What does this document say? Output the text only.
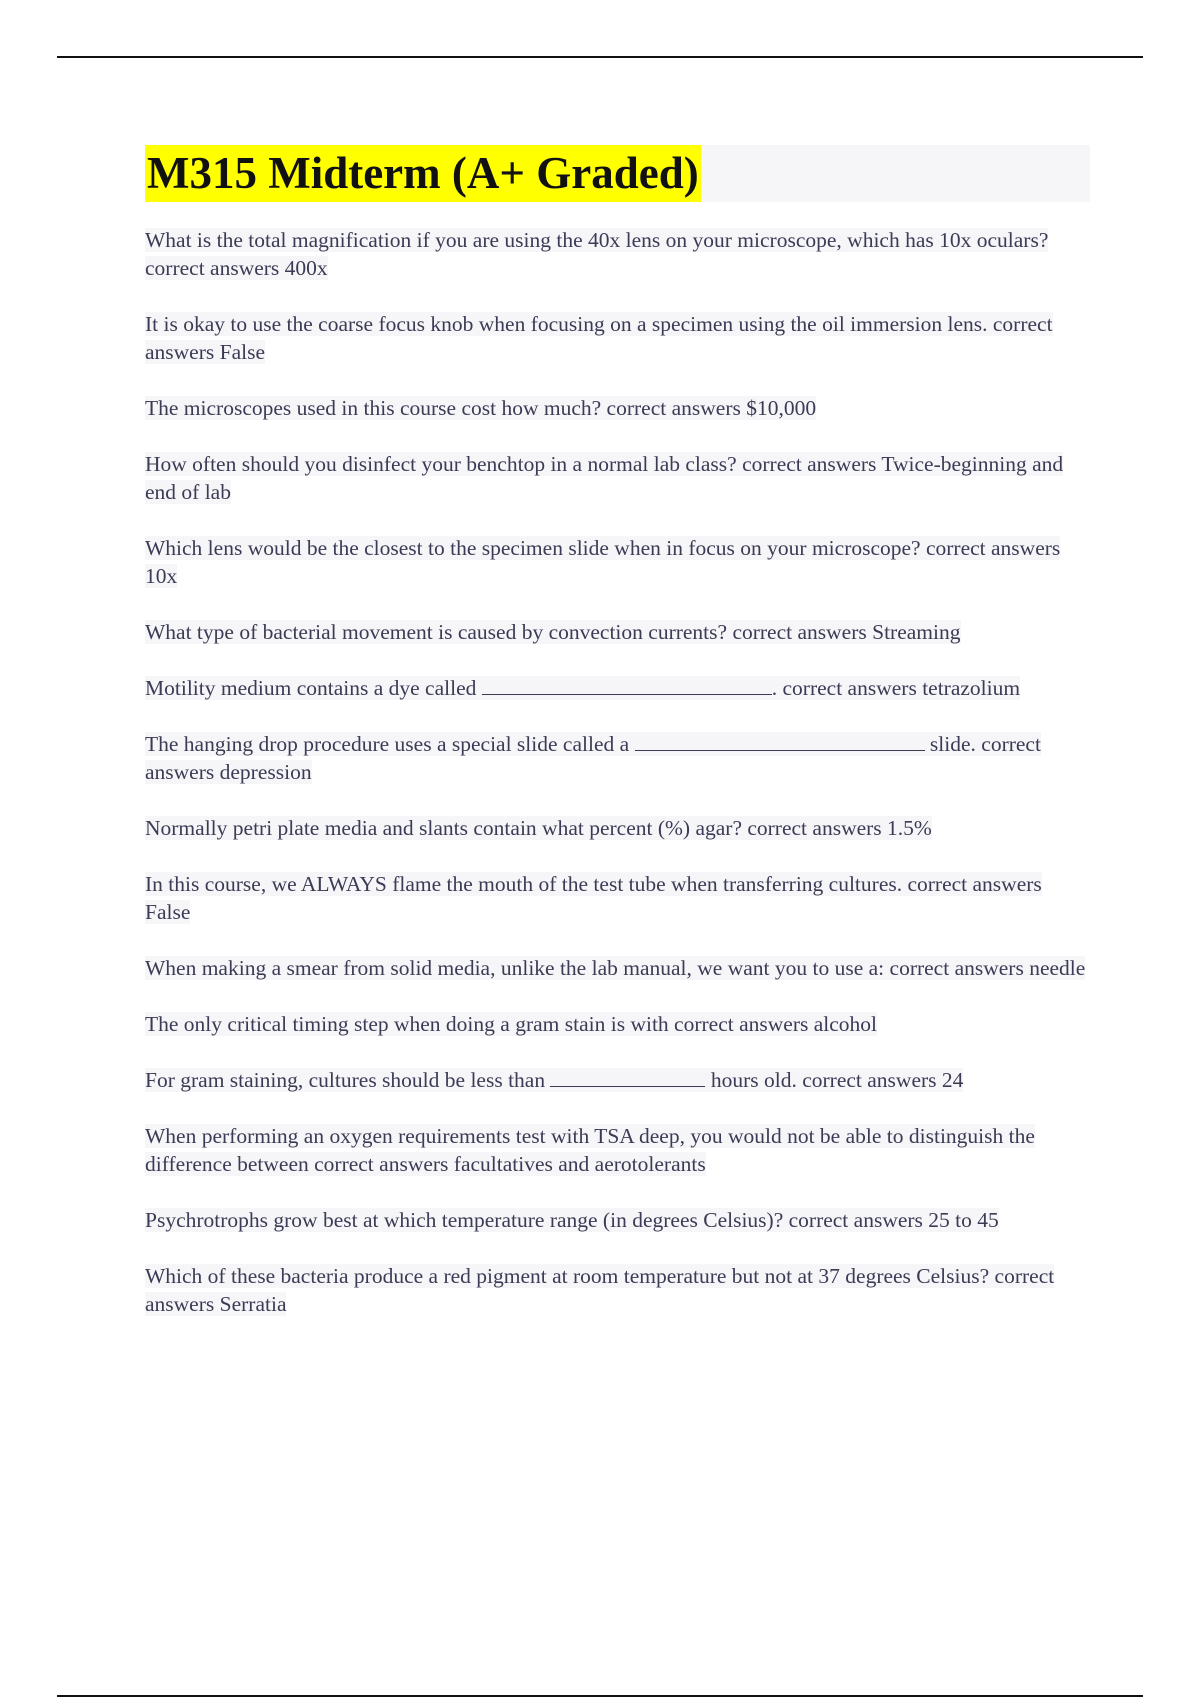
M315 Midterm (A+ Graded)

What is the total magnification if you are using the 40x lens on your microscope, which has 10x oculars? correct answers 400x

It is okay to use the coarse focus knob when focusing on a specimen using the oil immersion lens. correct answers False

The microscopes used in this course cost how much? correct answers $10,000

How often should you disinfect your benchtop in a normal lab class? correct answers Twice-beginning and end of lab

Which lens would be the closest to the specimen slide when in focus on your microscope? correct answers 10x

What type of bacterial movement is caused by convection currents? correct answers Streaming

Motility medium contains a dye called	. correct answers tetrazolium

The hanging drop procedure uses a special slide called a	slide. correct answers depression

Normally petri plate media and slants contain what percent (%) agar? correct answers 1.5%

In this course, we ALWAYS flame the mouth of the test tube when transferring cultures. correct answers False

When making a smear from solid media, unlike the lab manual, we want you to use a: correct answers needle

The only critical timing step when doing a gram stain is with correct answers alcohol

For gram staining, cultures should be less than	hours old. correct answers 24

When performing an oxygen requirements test with TSA deep, you would not be able to distinguish the difference between correct answers facultatives and aerotolerants

Psychrotrophs grow best at which temperature range (in degrees Celsius)? correct answers 25 to 45

Which of these bacteria produce a red pigment at room temperature but not at 37 degrees Celsius? correct answers Serratia
